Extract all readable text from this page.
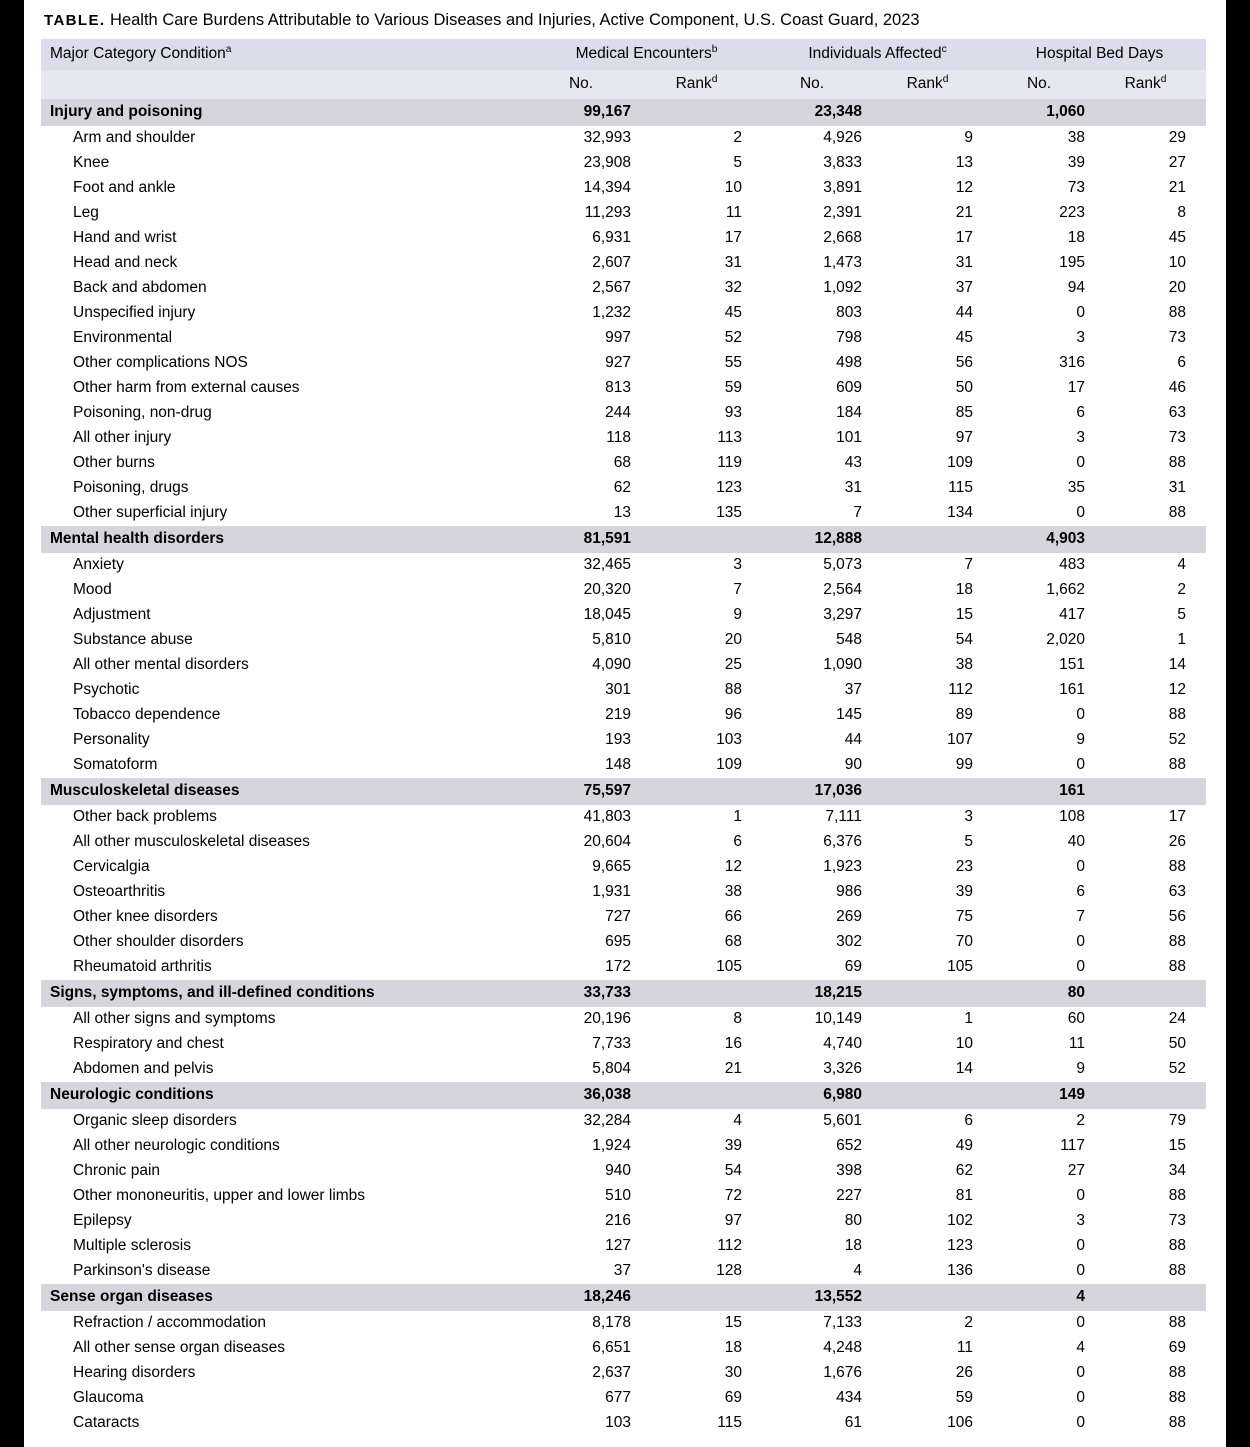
TABLE. Health Care Burdens Attributable to Various Diseases and Injuries, Active Component, U.S. Coast Guard, 2023
Major Category Condition$^a$	Medical Encounters$^b$		Individuals Affected$^c$		Hospital Bed Days	
	No.	Rank$^d$	No.	Rank$^d$	No.	Rank$^d$
Injury and poisoning	99,167		23,348		1,060	
Arm and shoulder	32,993	2	4,926	9	38	29
Knee	23,908	5	3,833	13	39	27
Foot and ankle	14,394	10	3,891	12	73	21
Leg	11,293	11	2,391	21	223	8
Hand and wrist	6,931	17	2,668	17	18	45
Head and neck	2,607	31	1,473	31	195	10
Back and abdomen	2,567	32	1,092	37	94	20
Unspecified injury	1,232	45	803	44	0	88
Environmental	997	52	798	45	3	73
Other complications NOS	927	55	498	56	316	6
Other harm from external causes	813	59	609	50	17	46
Poisoning, non-drug	244	93	184	85	6	63
All other injury	118	113	101	97	3	73
Other burns	68	119	43	109	0	88
Poisoning, drugs	62	123	31	115	35	31
Other superficial injury	13	135	7	134	0	88
Mental health disorders	81,591		12,888		4,903	
Anxiety	32,465	3	5,073	7	483	4
Mood	20,320	7	2,564	18	1,662	2
Adjustment	18,045	9	3,297	15	417	5
Substance abuse	5,810	20	548	54	2,020	1
All other mental disorders	4,090	25	1,090	38	151	14
Psychotic	301	88	37	112	161	12
Tobacco dependence	219	96	145	89	0	88
Personality	193	103	44	107	9	52
Somatoform	148	109	90	99	0	88
Musculoskeletal diseases	75,597		17,036		161	
Other back problems	41,803	1	7,111	3	108	17
All other musculoskeletal diseases	20,604	6	6,376	5	40	26
Cervicalgia	9,665	12	1,923	23	0	88
Osteoarthritis	1,931	38	986	39	6	63
Other knee disorders	727	66	269	75	7	56
Other shoulder disorders	695	68	302	70	0	88
Rheumatoid arthritis	172	105	69	105	0	88
Signs, symptoms, and ill-defined conditions	33,733		18,215		80	
All other signs and symptoms	20,196	8	10,149	1	60	24
Respiratory and chest	7,733	16	4,740	10	11	50
Abdomen and pelvis	5,804	21	3,326	14	9	52
Neurologic conditions	36,038		6,980		149	
Organic sleep disorders	32,284	4	5,601	6	2	79
All other neurologic conditions	1,924	39	652	49	117	15
Chronic pain	940	54	398	62	27	34
Other mononeuritis, upper and lower limbs	510	72	227	81	0	88
Epilepsy	216	97	80	102	3	73
Multiple sclerosis	127	112	18	123	0	88
Parkinson's disease	37	128	4	136	0	88
Sense organ diseases	18,246		13,552		4	
Refraction / accommodation	8,178	15	7,133	2	0	88
All other sense organ diseases	6,651	18	4,248	11	4	69
Hearing disorders	2,637	30	1,676	26	0	88
Glaucoma	677	69	434	59	0	88
Cataracts	103	115	61	106	0	88
